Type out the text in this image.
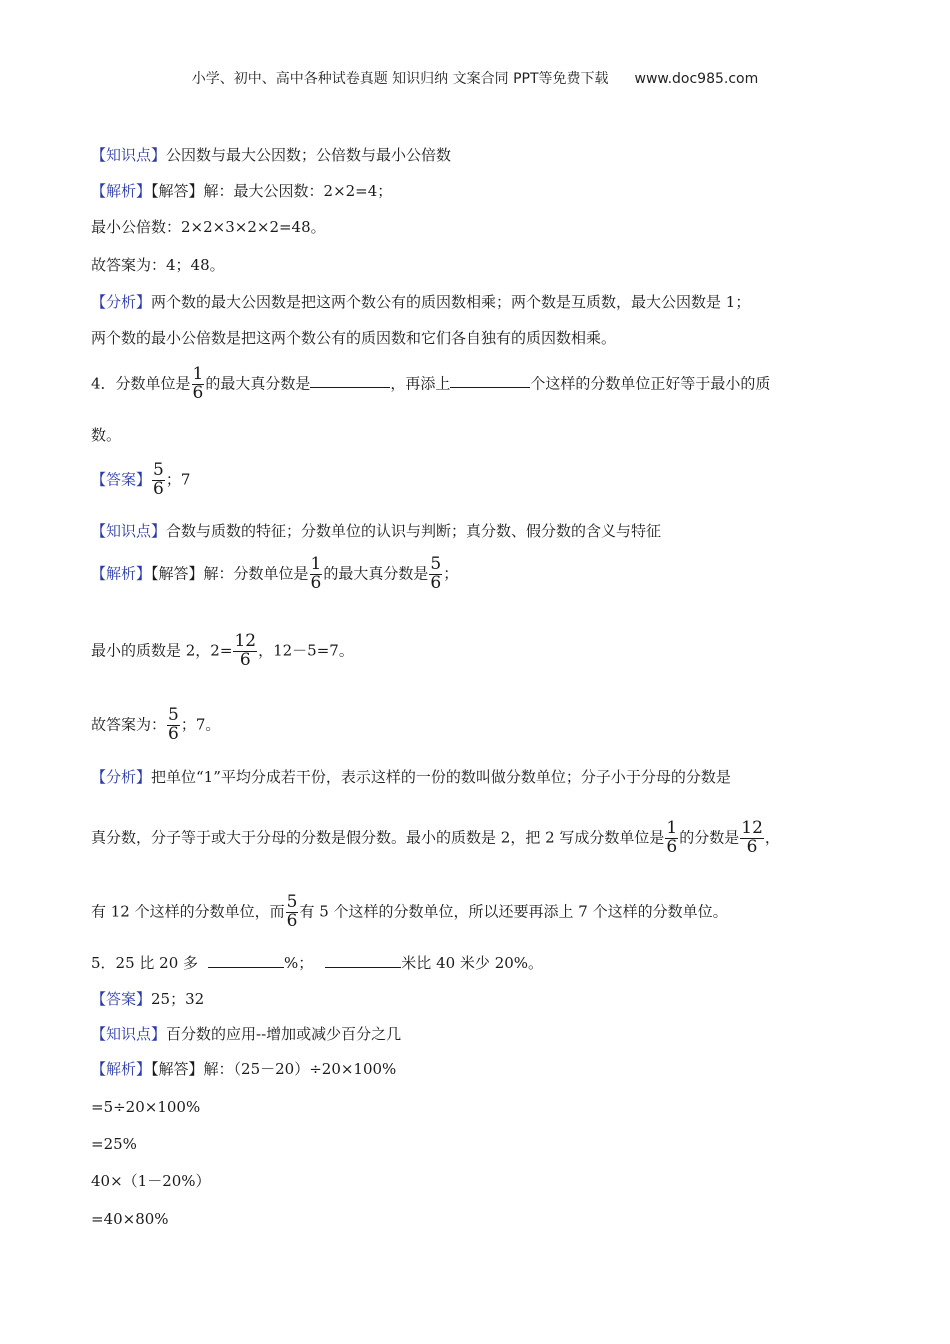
小学、初中、高中各种试卷真题 知识归纳 文案合同 PPT等免费下载 www.doc985.com
【知识点】公因数与最大公因数；公倍数与最小公倍数
【解析】【解答】解：最大公因数：2×2=4；
最小公倍数：2×2×3×2×2=48。
故答案为：4；48。
【分析】两个数的最大公因数是把这两个数公有的质因数相乘；两个数是互质数，最大公因数是 1；
两个数的最小公倍数是把这两个数公有的质因数和它们各自独有的质因数相乘。
4．分数单位是 $\frac{1}{6}$ 的最大真分数是	，再添上	个这样的分数单位正好等于最小的质
数。
【答案】 $\frac{5}{6}$ ；7
【知识点】合数与质数的特征；分数单位的认识与判断；真分数、假分数的含义与特征
【解析】【解答】解：分数单位是 $\frac{1}{6}$ 的最大真分数是 $\frac{5}{6}$ ；
最小的质数是 2，$2= \frac{12}{6}$ ，12－5=7。
故答案为： $\frac{5}{6}$ ；7。
【分析】把单位“1”平均分成若干份，表示这样的一份的数叫做分数单位；分子小于分母的分数是
真分数，分子等于或大于分母的分数是假分数。最小的质数是 2，把 2 写成分数单位是 $\frac{1}{6}$ 的分数是 $\frac{12}{6}$ ，
有 12 个这样的分数单位，而 $\frac{5}{6}$ 有 5 个这样的分数单位，所以还要再添上 7 个这样的分数单位。
5．25 比 20 多	%；	米比 40 米少 20%。
【答案】25；32
【知识点】百分数的应用--增加或减少百分之几
【解析】【解答】解：（25－20）÷20×100%
=5÷20×100%
=25%
40×（1－20%）
=40×80%
